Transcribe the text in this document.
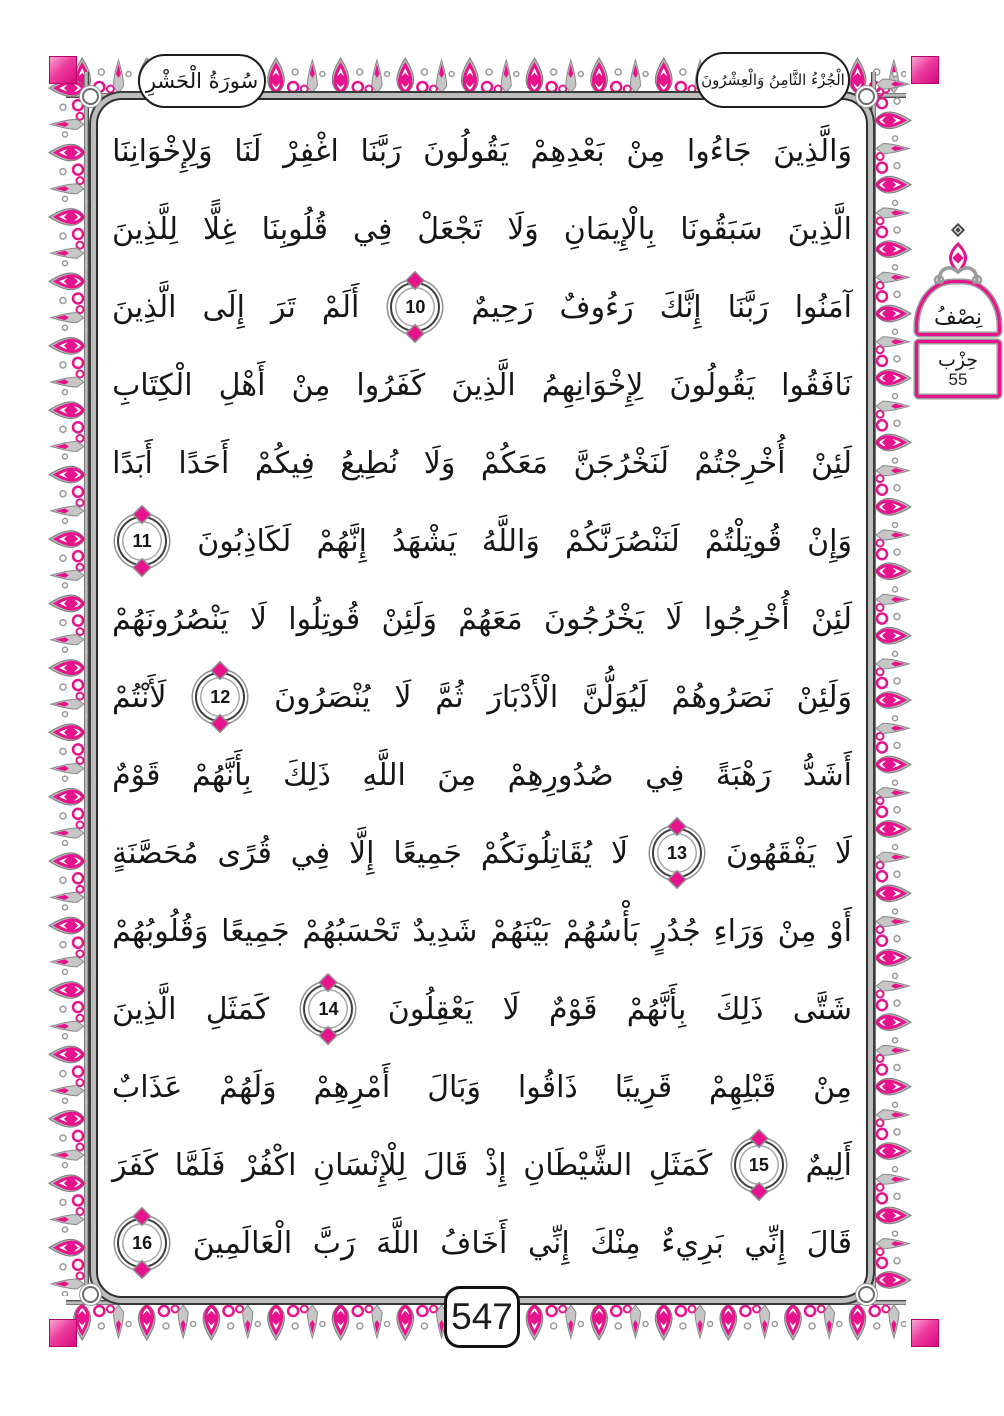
سُورَةُ الْحَشْرِ	الْجُزْءُ الثَّامِنُ وَالْعِشْرُونَ
نِصْفُ
حِزْب
55
وَالَّذِينَ
جَاءُوا
مِنْ
بَعْدِهِمْ
يَقُولُونَ
رَبَّنَا
اغْفِرْ
لَنَا
وَلِإِخْوَانِنَا
الَّذِينَ
سَبَقُونَا
بِالْإِيمَانِ
وَلَا
تَجْعَلْ
فِي
قُلُوبِنَا
غِلًّا
لِلَّذِينَ
آمَنُوا
رَبَّنَا
إِنَّكَ
رَءُوفٌ
رَحِيمٌ
10
أَلَمْ
تَرَ
إِلَى
الَّذِينَ
نَافَقُوا
يَقُولُونَ
لِإِخْوَانِهِمُ
الَّذِينَ
كَفَرُوا
مِنْ
أَهْلِ
الْكِتَابِ
لَئِنْ
أُخْرِجْتُمْ
لَنَخْرُجَنَّ
مَعَكُمْ
وَلَا
نُطِيعُ
فِيكُمْ
أَحَدًا
أَبَدًا
وَإِنْ
قُوتِلْتُمْ
لَنَنْصُرَنَّكُمْ
وَاللَّهُ
يَشْهَدُ
إِنَّهُمْ
لَكَاذِبُونَ
11
لَئِنْ
أُخْرِجُوا
لَا
يَخْرُجُونَ
مَعَهُمْ
وَلَئِنْ
قُوتِلُوا
لَا
يَنْصُرُونَهُمْ
وَلَئِنْ
نَصَرُوهُمْ
لَيُوَلُّنَّ
الْأَدْبَارَ
ثُمَّ
لَا
يُنْصَرُونَ
12
لَأَنْتُمْ
أَشَدُّ
رَهْبَةً
فِي
صُدُورِهِمْ
مِنَ
اللَّهِ
ذَلِكَ
بِأَنَّهُمْ
قَوْمٌ
لَا
يَفْقَهُونَ
13
لَا
يُقَاتِلُونَكُمْ
جَمِيعًا
إِلَّا
فِي
قُرًى
مُحَصَّنَةٍ
أَوْ
مِنْ
وَرَاءِ
جُدُرٍ
بَأْسُهُمْ
بَيْنَهُمْ
شَدِيدٌ
تَحْسَبُهُمْ
جَمِيعًا
وَقُلُوبُهُمْ
شَتَّى
ذَلِكَ
بِأَنَّهُمْ
قَوْمٌ
لَا
يَعْقِلُونَ
14
كَمَثَلِ
الَّذِينَ
مِنْ
قَبْلِهِمْ
قَرِيبًا
ذَاقُوا
وَبَالَ
أَمْرِهِمْ
وَلَهُمْ
عَذَابٌ
أَلِيمٌ
15
كَمَثَلِ
الشَّيْطَانِ
إِذْ
قَالَ
لِلْإِنْسَانِ
اكْفُرْ
فَلَمَّا
كَفَرَ
قَالَ
إِنِّي
بَرِيءٌ
مِنْكَ
إِنِّي
أَخَافُ
اللَّهَ
رَبَّ
الْعَالَمِينَ
16
547
